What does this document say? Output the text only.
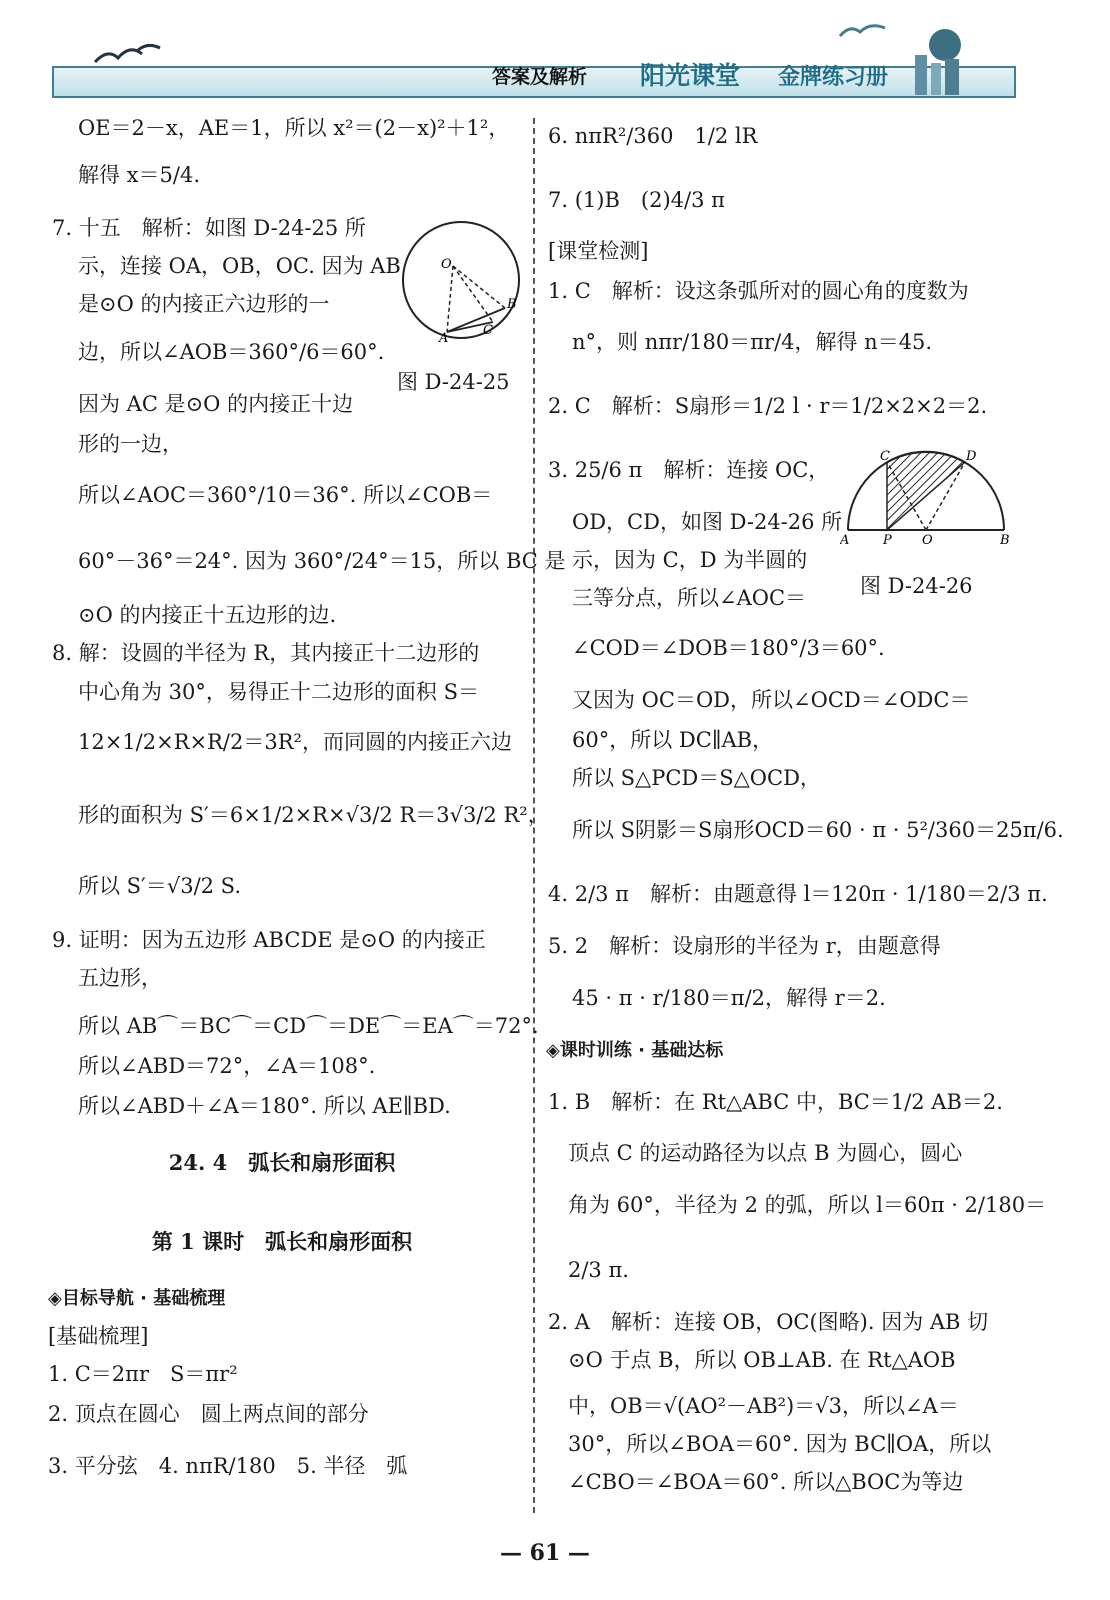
答案及解析 阳光课堂 金牌练习册
OE＝2－x，AE＝1，所以 x²＝(2－x)²＋1²，
解得 x＝5/4.
7. 十五　解析：如图 D-24-25 所
示，连接 OA，OB，OC. 因为 AB
是⊙O 的内接正六边形的一
边，所以∠AOB＝360°/6＝60°.
因为 AC 是⊙O 的内接正十边
形的一边，
所以∠AOC＝360°/10＝36°. 所以∠COB＝
60°－36°＝24°. 因为 360°/24°＝15，所以 BC 是
⊙O 的内接正十五边形的边.
8. 解：设圆的半径为 R，其内接正十二边形的
中心角为 30°，易得正十二边形的面积 S＝
12×1/2×R×R/2＝3R²，而同圆的内接正六边
形的面积为 S′＝6×1/2×R×√3/2 R＝3√3/2 R²，
所以 S′＝√3/2 S.
9. 证明：因为五边形 ABCDE 是⊙O 的内接正
五边形，
所以 AB⌒＝BC⌒＝CD⌒＝DE⌒＝EA⌒＝72°.
所以∠ABD＝72°，∠A＝108°.
所以∠ABD＋∠A＝180°. 所以 AE∥BD.
O
A
B
C
图 D-24-25
24. 4　弧长和扇形面积
第 1 课时　弧长和扇形面积
◈目标导航 · 基础梳理
[基础梳理]
1. C＝2πr　S＝πr²
2. 顶点在圆心　圆上两点间的部分
3. 平分弦　4. nπR/180　5. 半径　弧
6. nπR²/360　1/2 lR
7. (1)B　(2)4/3 π
[课堂检测]
1. C　解析：设这条弧所对的圆心角的度数为
n°，则 nπr/180＝πr/4，解得 n＝45.
2. C　解析：S扇形＝1/2 l · r＝1/2×2×2＝2.
3. 25/6 π　解析：连接 OC，
OD，CD，如图 D-24-26 所
示，因为 C，D 为半圆的
三等分点，所以∠AOC＝
∠COD＝∠DOB＝180°/3＝60°.
又因为 OC＝OD，所以∠OCD＝∠ODC＝
60°，所以 DC∥AB，
所以 S△PCD＝S△OCD，
所以 S阴影＝S扇形OCD＝60 · π · 5²/360＝25π/6.
4. 2/3 π　解析：由题意得 l＝120π · 1/180＝2/3 π.
5. 2　解析：设扇形的半径为 r，由题意得
45 · π · r/180＝π/2，解得 r＝2.
◈课时训练 · 基础达标
1. B　解析：在 Rt△ABC 中，BC＝1/2 AB＝2.
顶点 C 的运动路径为以点 B 为圆心，圆心
角为 60°，半径为 2 的弧，所以 l＝60π · 2/180＝
2/3 π.
2. A　解析：连接 OB，OC(图略). 因为 AB 切
⊙O 于点 B，所以 OB⊥AB. 在 Rt△AOB
中，OB＝√(AO²－AB²)＝√3，所以∠A＝
30°，所以∠BOA＝60°. 因为 BC∥OA，所以
∠CBO＝∠BOA＝60°. 所以△BOC为等边
C	D
A	P O	B
图 D-24-26
— 61 —
